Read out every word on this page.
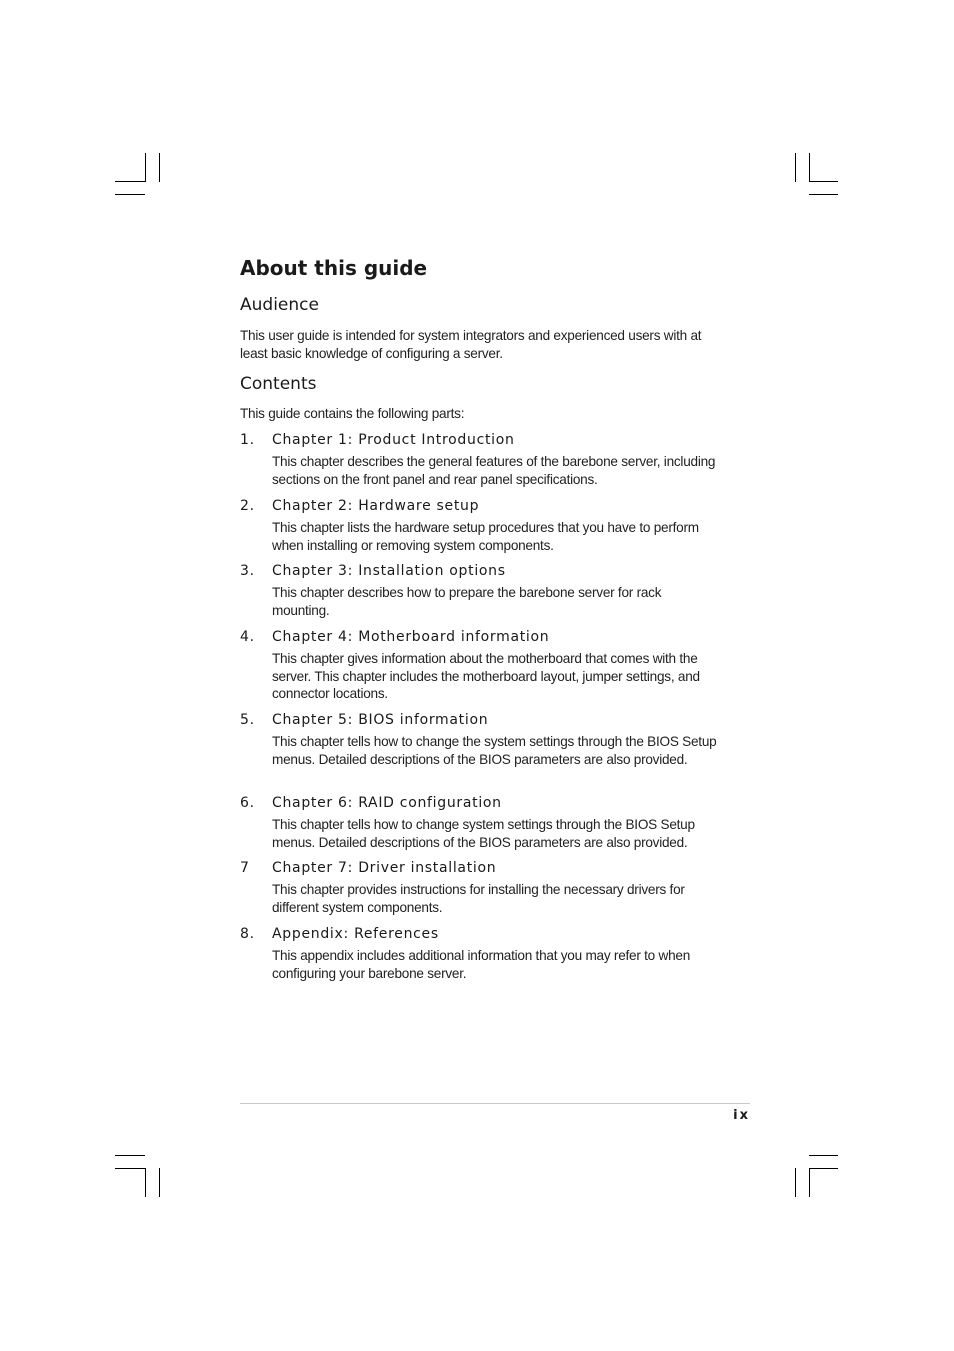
About this guide
Audience

This user guide is intended for system integrators and experienced users with at least basic knowledge of configuring a server.

Contents

This guide contains the following parts:

1. Chapter 1: Product Introduction
This chapter describes the general features of the barebone server, including sections on the front panel and rear panel specifications.
2. Chapter 2: Hardware setup
This chapter lists the hardware setup procedures that you have to perform when installing or removing system components.
3. Chapter 3: Installation options
This chapter describes how to prepare the barebone server for rack mounting.
4. Chapter 4: Motherboard information
This chapter gives information about the motherboard that comes with the server. This chapter includes the motherboard layout, jumper settings, and connector locations.
5. Chapter 5: BIOS information
This chapter tells how to change the system settings through the BIOS Setup menus. Detailed descriptions of the BIOS parameters are also provided.
6. Chapter 6: RAID configuration
This chapter tells how to change system settings through the BIOS Setup menus. Detailed descriptions of the BIOS parameters are also provided.
7 Chapter 7: Driver installation
This chapter provides instructions for installing the necessary drivers for different system components.
8. Appendix: References
This appendix includes additional information that you may refer to when configuring your barebone server.
ix
